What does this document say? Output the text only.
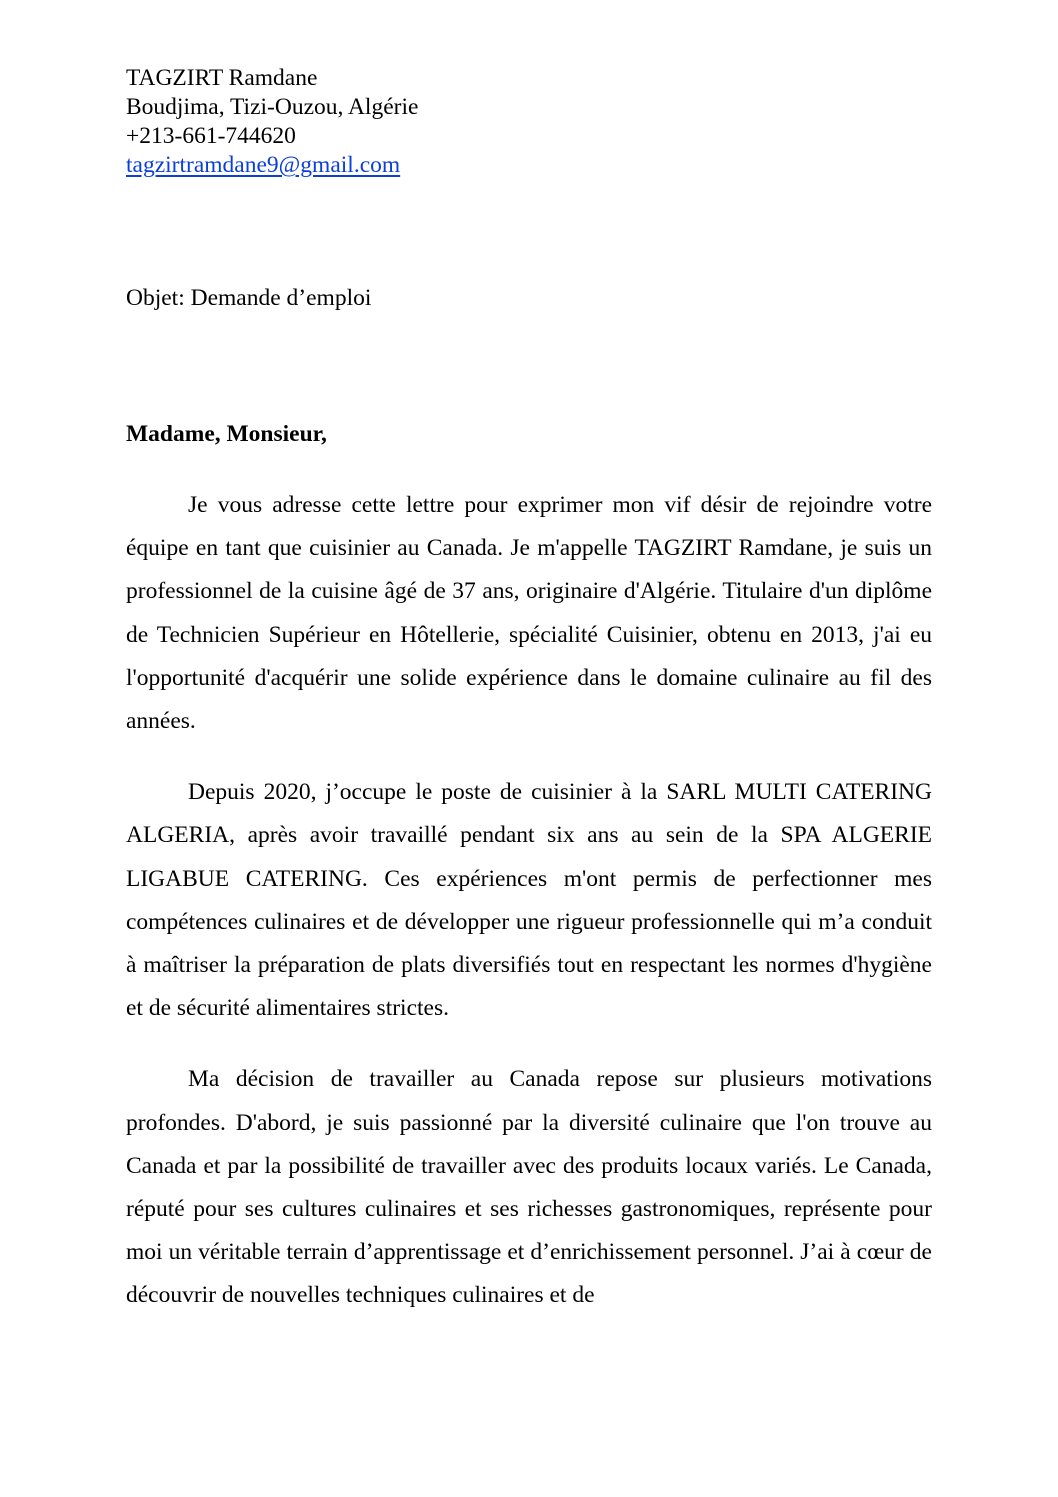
TAGZIRT Ramdane
Boudjima, Tizi-Ouzou, Algérie
+213-661-744620
tagzirtramdane9@gmail.com
Objet: Demande d’emploi
Madame, Monsieur,

Je vous adresse cette lettre pour exprimer mon vif désir de rejoindre votre équipe en tant que cuisinier au Canada. Je m'appelle TAGZIRT Ramdane, je suis un professionnel de la cuisine âgé de 37 ans, originaire d'Algérie. Titulaire d'un diplôme de Technicien Supérieur en Hôtellerie, spécialité Cuisinier, obtenu en 2013, j'ai eu l'opportunité d'acquérir une solide expérience dans le domaine culinaire au fil des années.

Depuis 2020, j’occupe le poste de cuisinier à la SARL MULTI CATERING ALGERIA, après avoir travaillé pendant six ans au sein de la SPA ALGERIE LIGABUE CATERING. Ces expériences m'ont permis de perfectionner mes compétences culinaires et de développer une rigueur professionnelle qui m’a conduit à maîtriser la préparation de plats diversifiés tout en respectant les normes d'hygiène et de sécurité alimentaires strictes.

Ma décision de travailler au Canada repose sur plusieurs motivations profondes. D'abord, je suis passionné par la diversité culinaire que l'on trouve au Canada et par la possibilité de travailler avec des produits locaux variés. Le Canada, réputé pour ses cultures culinaires et ses richesses gastronomiques, représente pour moi un véritable terrain d’apprentissage et d’enrichissement personnel. J’ai à cœur de découvrir de nouvelles techniques culinaires et de
